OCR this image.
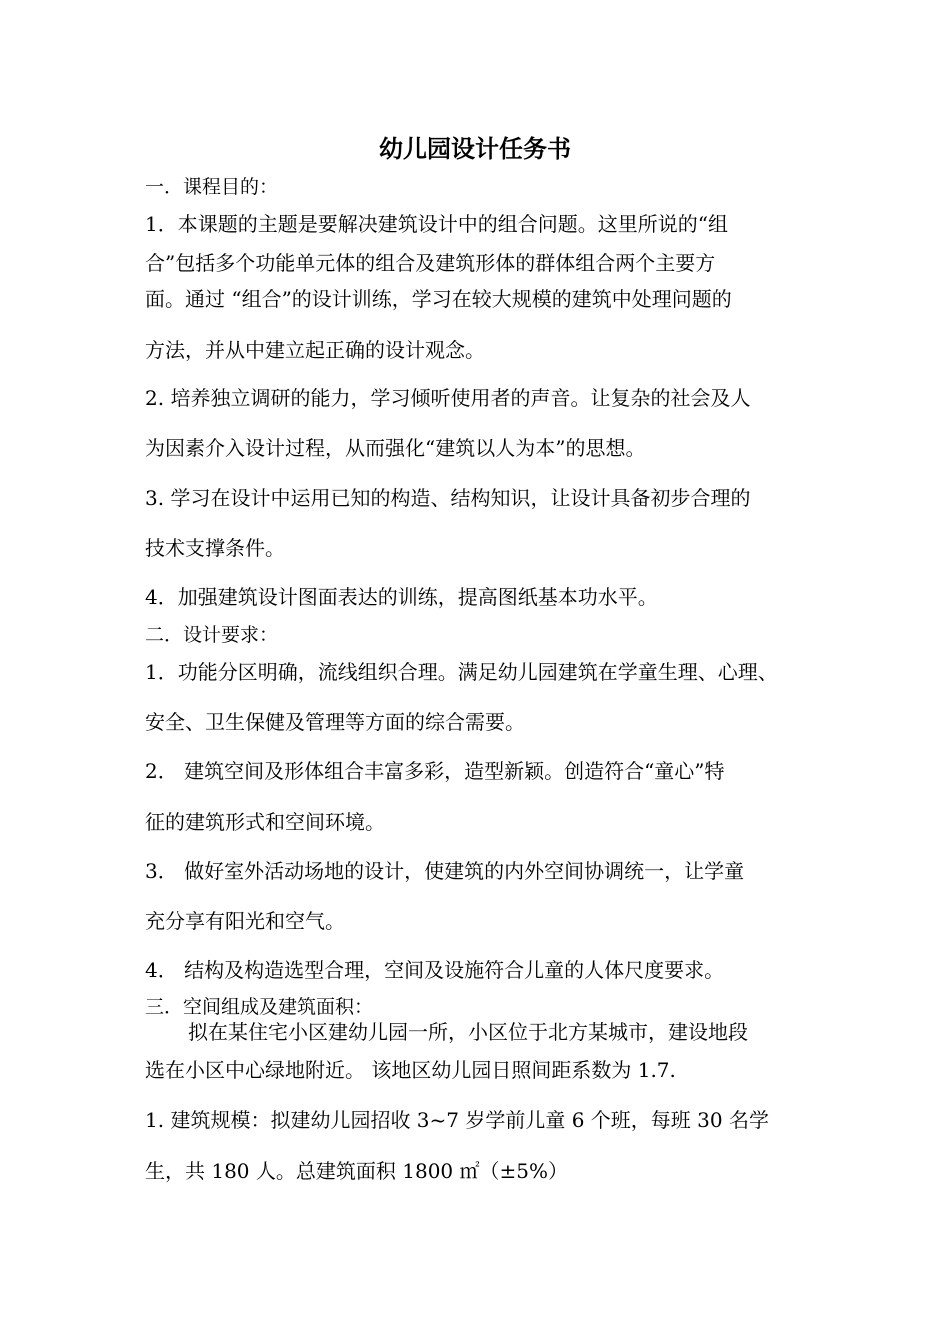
幼儿园设计任务书
一．课程目的：
1．本课题的主题是要解决建筑设计中的组合问题。这里所说的“组
合”包括多个功能单元体的组合及建筑形体的群体组合两个主要方
面。通过 “组合”的设计训练，学习在较大规模的建筑中处理问题的
方法，并从中建立起正确的设计观念。
2. 培养独立调研的能力，学习倾听使用者的声音。让复杂的社会及人
为因素介入设计过程，从而强化“建筑以人为本”的思想。
3. 学习在设计中运用已知的构造、结构知识，让设计具备初步合理的
技术支撑条件。
4．加强建筑设计图面表达的训练，提高图纸基本功水平。
二．设计要求：
1．功能分区明确，流线组织合理。满足幼儿园建筑在学童生理、心理、
安全、卫生保健及管理等方面的综合需要。
2． 建筑空间及形体组合丰富多彩，造型新颖。创造符合“童心”特
征的建筑形式和空间环境。
3． 做好室外活动场地的设计，使建筑的内外空间协调统一，让学童
充分享有阳光和空气。
4． 结构及构造选型合理，空间及设施符合儿童的人体尺度要求。
三．空间组成及建筑面积：
拟在某住宅小区建幼儿园一所，小区位于北方某城市，建设地段
选在小区中心绿地附近。 该地区幼儿园日照间距系数为 1.7.
1. 建筑规模：拟建幼儿园招收 3~7 岁学前儿童 6 个班，每班 30 名学
生，共 180 人。总建筑面积 1800 ㎡（±5%）
